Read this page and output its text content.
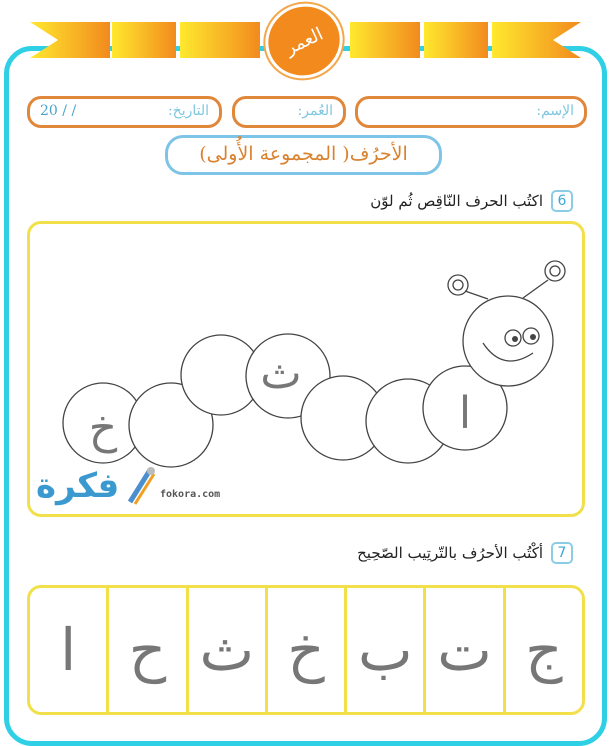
العمر
الإسم:
العُمر:
التاريخ:
/ / 20
الأحرُف( المجموعة الأُولى)
6
اكتُب الحرف النّاقِص ثُم لوّن
خ
ث
ا
7
أكْتُب الأحرُف بالتّرتِيب الصّحِيح
ج
ت
ب
خ
ث
ح
ا
فكرة	fokora.com
